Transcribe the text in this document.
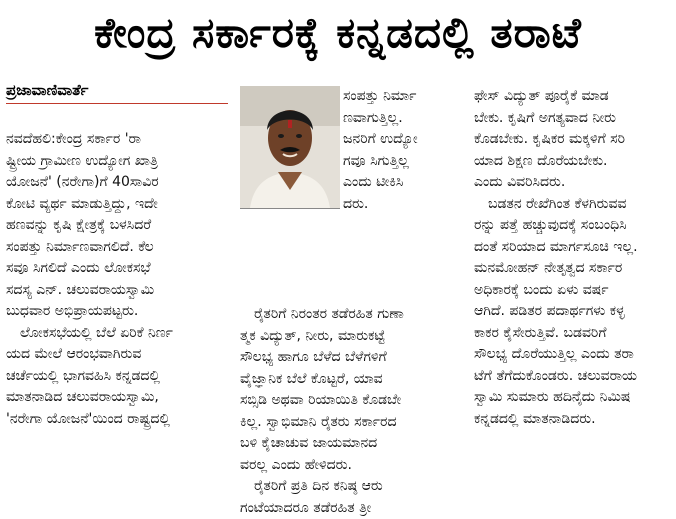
ಕೇಂದ್ರ ಸರ್ಕಾರಕ್ಕೆ ಕನ್ನಡದಲ್ಲಿ ತರಾಟೆ
ಪ್ರಜಾವಾಣಿವಾರ್ತೆ

ನವದೆಹಲಿ:ಕೇಂದ್ರ ಸರ್ಕಾರ 'ರಾ

ಷ್ಟ್ರೀಯ ಗ್ರಾಮೀಣ ಉದ್ಯೋಗ ಖಾತ್ರಿ

ಯೋಜನೆ' (ನರೇಗಾ)ಗೆ 40ಸಾವಿರ

ಕೋಟಿ ವ್ಯರ್ಥ ಮಾಡುತ್ತಿದ್ದು, ಇದೇ

ಹಣವನ್ನು ಕೃಷಿ ಕ್ಷೇತ್ರಕ್ಕೆ ಬಳಸಿದರೆ

ಸಂಪತ್ತು ನಿರ್ಮಾಣವಾಗಲಿದೆ. ಕೆಲ

ಸವೂ ಸಿಗಲಿದೆ ಎಂದು ಲೋಕಸಭೆ

ಸದಸ್ಯ ಎನ್. ಚಲುವರಾಯಸ್ವಾಮಿ

ಬುಧವಾರ ಅಭಿಪ್ರಾಯಪಟ್ಟರು.

ಲೋಕಸಭೆಯಲ್ಲಿ ಬೆಲೆ ಏರಿಕೆ ನಿರ್ಣ

ಯದ ಮೇಲೆ ಆರಂಭವಾಗಿರುವ

ಚರ್ಚೆಯಲ್ಲಿ ಭಾಗವಹಿಸಿ ಕನ್ನಡದಲ್ಲಿ

ಮಾತನಾಡಿದ ಚಲುವರಾಯಸ್ವಾಮಿ,

'ನರೇಗಾ ಯೋಜನೆ'ಯಿಂದ ರಾಷ್ಟ್ರದಲ್ಲಿ

ಸಂಪತ್ತು ನಿರ್ಮಾ

ಣವಾಗುತ್ತಿಲ್ಲ.

ಜನರಿಗೆ ಉದ್ಯೋ

ಗವೂ ಸಿಗುತ್ತಿಲ್ಲ

ಎಂದು ಟೀಕಿಸಿ

ದರು.

ರೈತರಿಗೆ ನಿರಂತರ ತಡೆರಹಿತ ಗುಣಾ

ತ್ಮಕ ವಿದ್ಯುತ್, ನೀರು, ಮಾರುಕಟ್ಟೆ

ಸೌಲಭ್ಯ ಹಾಗೂ ಬೆಳೆದ ಬೆಳೆಗಳಿಗೆ

ವೈಜ್ಞಾನಿಕ ಬೆಲೆ ಕೊಟ್ಟರೆ, ಯಾವ

ಸಬ್ಸಿಡಿ ಅಥವಾ ರಿಯಾಯಿತಿ ಕೊಡಬೇ

ಕಿಲ್ಲ. ಸ್ವಾಭಿಮಾನಿ ರೈತರು ಸರ್ಕಾರದ

ಬಳಿ ಕೈಚಾಚುವ ಜಾಯಮಾನದ

ವರಲ್ಲ ಎಂದು ಹೇಳಿದರು.

ರೈತರಿಗೆ ಪ್ರತಿ ದಿನ ಕನಿಷ್ಠ ಆರು

ಗಂಟೆಯಾದರೂ ತಡೆರಹಿತ ತ್ರೀ

ಫೇಸ್ ವಿದ್ಯುತ್ ಪೂರೈಕೆ ಮಾಡ

ಬೇಕು. ಕೃಷಿಗೆ ಅಗತ್ಯವಾದ ನೀರು

ಕೊಡಬೇಕು. ಕೃಷಿಕರ ಮಕ್ಕಳಿಗೆ ಸರಿ

ಯಾದ ಶಿಕ್ಷಣ ದೊರೆಯಬೇಕು.

ಎಂದು ವಿವರಿಸಿದರು.

ಬಡತನ ರೇಖೆಗಿಂತ ಕೆಳಗಿರುವವ

ರನ್ನು ಪತ್ತೆ ಹಚ್ಚುವುದಕ್ಕೆ ಸಂಬಂಧಿಸಿ

ದಂತೆ ಸರಿಯಾದ ಮಾರ್ಗಸೂಚಿ ಇಲ್ಲ.

ಮನಮೋಹನ್ ನೇತೃತ್ವದ ಸರ್ಕಾರ

ಅಧಿಕಾರಕ್ಕೆ ಬಂದು ಏಳು ವರ್ಷ

ಆಗಿದೆ. ಪಡಿತರ ಪದಾರ್ಥಗಳು ಕಳ್ಳ

ಕಾಕರ ಕೈಸೇರುತ್ತಿವೆ. ಬಡವರಿಗೆ

ಸೌಲಭ್ಯ ದೊರೆಯುತ್ತಿಲ್ಲ ಎಂದು ತರಾ

ಟೆಗೆ ತೆಗೆದುಕೊಂಡರು. ಚಲುವರಾಯ

ಸ್ವಾಮಿ ಸುಮಾರು ಹದಿನೈದು ನಿಮಿಷ

ಕನ್ನಡದಲ್ಲಿ ಮಾತನಾಡಿದರು.
